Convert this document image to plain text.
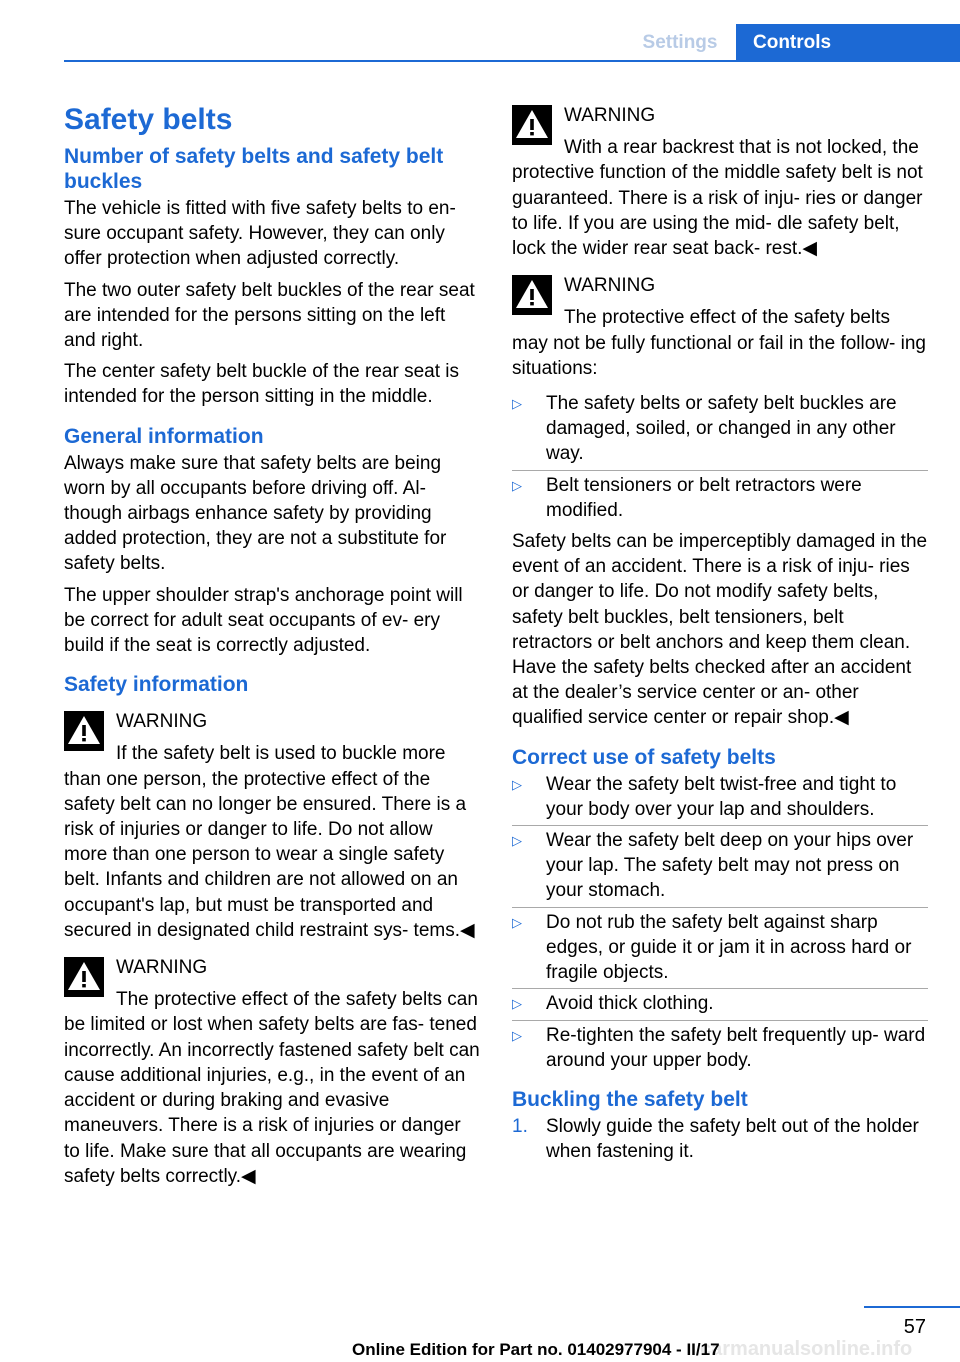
Settings	Controls
Safety belts
Number of safety belts and safety belt buckles

The vehicle is fitted with five safety belts to en‐ sure occupant safety. However, they can only offer protection when adjusted correctly.

The two outer safety belt buckles of the rear seat are intended for the persons sitting on the left and right.

The center safety belt buckle of the rear seat is intended for the person sitting in the middle.

General information

Always make sure that safety belts are being worn by all occupants before driving off. Al‐ though airbags enhance safety by providing added protection, they are not a substitute for safety belts.

The upper shoulder strap's anchorage point will be correct for adult seat occupants of ev‐ ery build if the seat is correctly adjusted.

Safety information
WARNING
If the safety belt is used to buckle more than one person, the protective effect of the safety belt can no longer be ensured. There is a risk of injuries or danger to life. Do not allow more than one person to wear a single safety belt. Infants and children are not allowed on an occupant's lap, but must be transported and secured in designated child restraint sys‐ tems.◀
WARNING
The protective effect of the safety belts can be limited or lost when safety belts are fas‐ tened incorrectly. An incorrectly fastened safety belt can cause additional injuries, e.g., in the event of an accident or during braking and evasive maneuvers. There is a risk of injuries or danger to life. Make sure that all occupants are wearing safety belts correctly.◀
WARNING
With a rear backrest that is not locked, the protective function of the middle safety belt is not guaranteed. There is a risk of inju‐ ries or danger to life. If you are using the mid‐ dle safety belt, lock the wider rear seat back‐ rest.◀
WARNING
The protective effect of the safety belts may not be fully functional or fail in the follow‐ ing situations:
▷ The safety belts or safety belt buckles are damaged, soiled, or changed in any other way.
▷ Belt tensioners or belt retractors were modified.

Safety belts can be imperceptibly damaged in the event of an accident. There is a risk of inju‐ ries or danger to life. Do not modify safety belts, safety belt buckles, belt tensioners, belt retractors or belt anchors and keep them clean. Have the safety belts checked after an accident at the dealer’s service center or an‐ other qualified service center or repair shop.◀

Correct use of safety belts
▷ Wear the safety belt twist-free and tight to your body over your lap and shoulders.
▷ Wear the safety belt deep on your hips over your lap. The safety belt may not press on your stomach.
▷ Do not rub the safety belt against sharp edges, or guide it or jam it in across hard or fragile objects.
▷ Avoid thick clothing.
▷ Re-tighten the safety belt frequently up‐ ward around your upper body.
Buckling the safety belt
1. Slowly guide the safety belt out of the holder when fastening it.
57
carmanualsonline.info
Online Edition for Part no. 01402977904 - II/17
